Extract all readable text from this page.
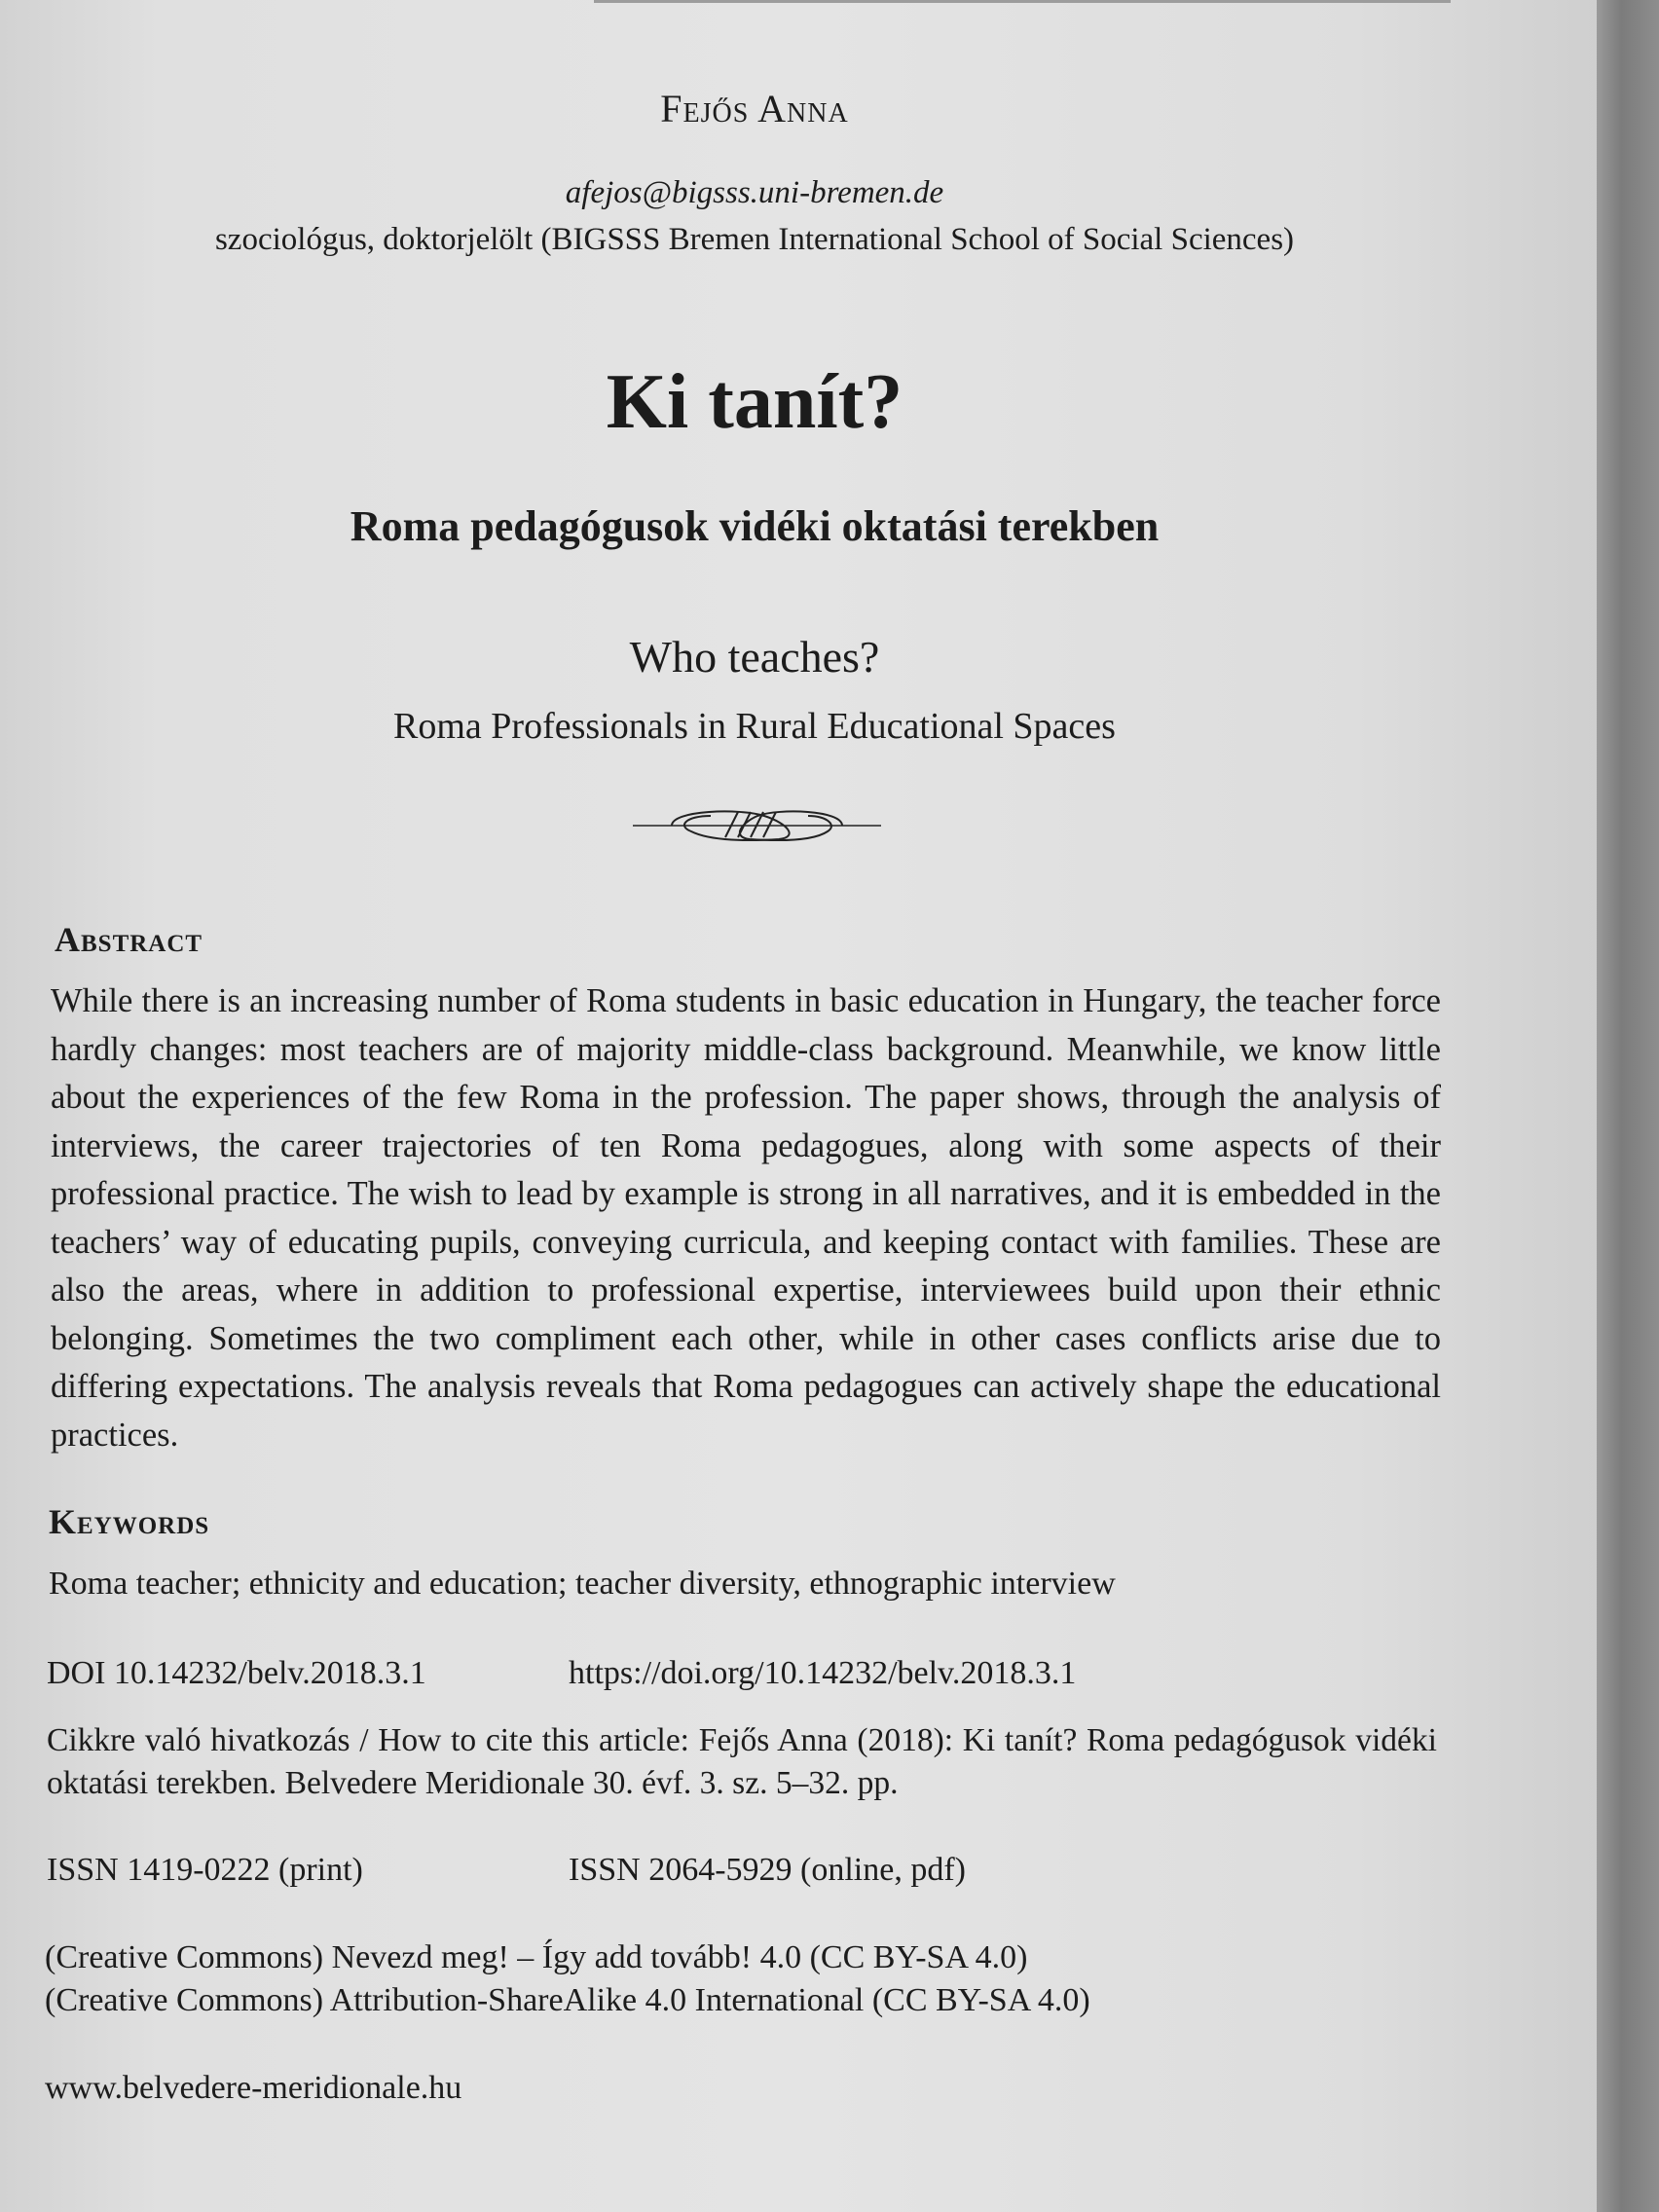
Fejős Anna
afejos@bigsss.uni-bremen.de
szociológus, doktorjelölt (BIGSSS Bremen International School of Social Sciences)
Ki tanít?
Roma pedagógusok vidéki oktatási terekben
Who teaches?
Roma Professionals in Rural Educational Spaces
Abstract
While there is an increasing number of Roma students in basic education in Hungary, the teacher force hardly changes: most teachers are of majority middle-class background. Meanwhile, we know little about the experiences of the few Roma in the profession. The paper shows, through the analysis of interviews, the career trajectories of ten Roma pedagogues, along with some aspects of their professional practice. The wish to lead by example is strong in all narratives, and it is embedded in the teachers’ way of educating pupils, conveying curricula, and keeping contact with families. These are also the areas, where in addition to professional expertise, interviewees build upon their ethnic belonging. Sometimes the two compliment each other, while in other cases conflicts arise due to differing expectations. The analysis reveals that Roma pedagogues can actively shape the educational practices.
Keywords
Roma teacher; ethnicity and education; teacher diversity, ethnographic interview
DOI 10.14232/belv.2018.3.1	https://doi.org/10.14232/belv.2018.3.1
Cikkre való hivatkozás / How to cite this article: Fejős Anna (2018): Ki tanít? Roma pedagógusok vidéki oktatási terekben. Belvedere Meridionale 30. évf. 3. sz. 5–32. pp.
ISSN 1419-0222 (print)	ISSN 2064-5929 (online, pdf)
(Creative Commons) Nevezd meg! – Így add tovább! 4.0 (CC BY-SA 4.0)
(Creative Commons) Attribution-ShareAlike 4.0 International (CC BY-SA 4.0)
www.belvedere-meridionale.hu
